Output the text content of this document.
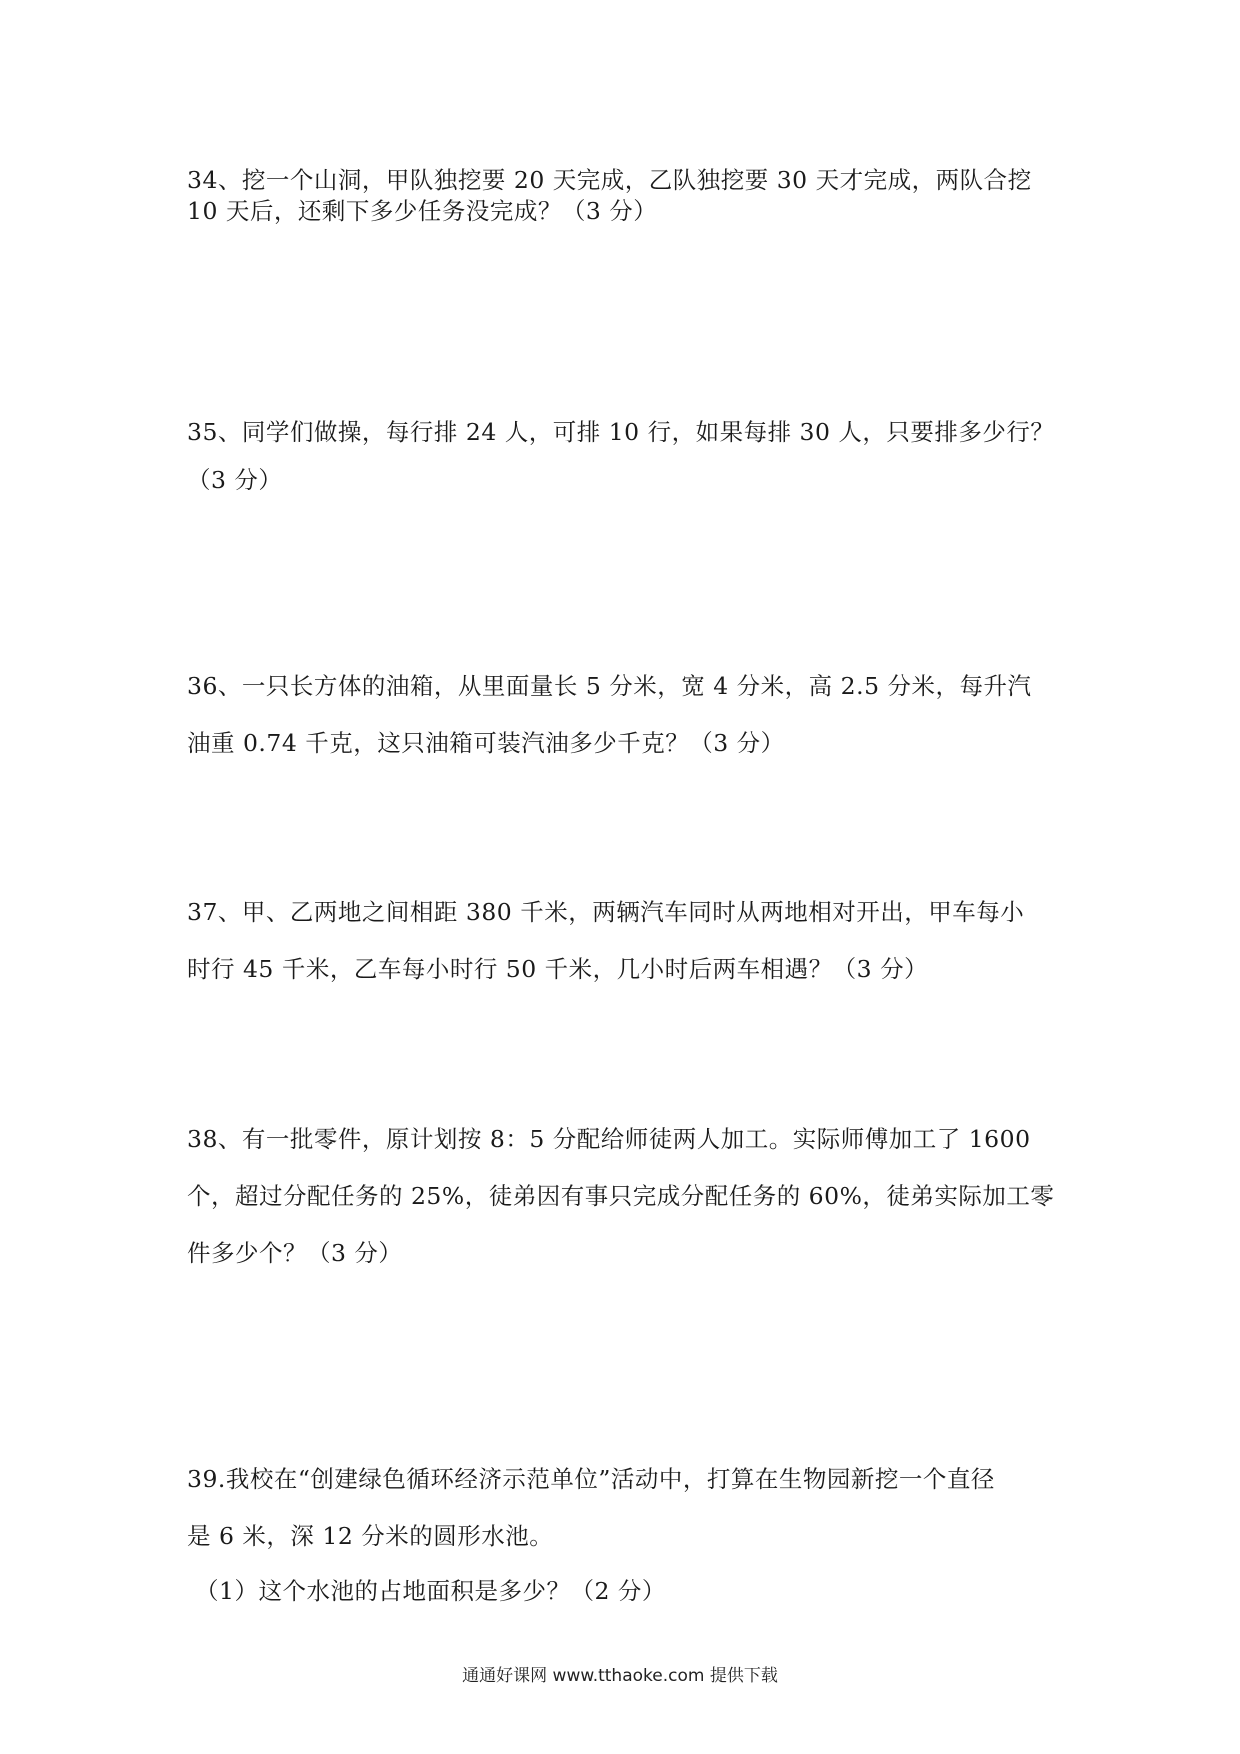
34、挖一个山洞，甲队独挖要 20 天完成，乙队独挖要 30 天才完成，两队合挖
10 天后，还剩下多少任务没完成？（3 分）
35、同学们做操，每行排 24 人，可排 10 行，如果每排 30 人，只要排多少行？
（3 分）
36、一只长方体的油箱，从里面量长 5 分米，宽 4 分米，高 2.5 分米，每升汽
油重 0.74 千克，这只油箱可装汽油多少千克？（3 分）
37、甲、乙两地之间相距 380 千米，两辆汽车同时从两地相对开出，甲车每小
时行 45 千米，乙车每小时行 50 千米，几小时后两车相遇？（3 分）
38、有一批零件，原计划按 8：5 分配给师徒两人加工。实际师傅加工了 1600
个，超过分配任务的 25%，徒弟因有事只完成分配任务的 60%，徒弟实际加工零
件多少个？（3 分）
39.我校在“创建绿色循环经济示范单位”活动中，打算在生物园新挖一个直径
是 6 米，深 12 分米的圆形水池。
（1）这个水池的占地面积是多少？（2 分）
通通好课网 www.tthaoke.com 提供下载
